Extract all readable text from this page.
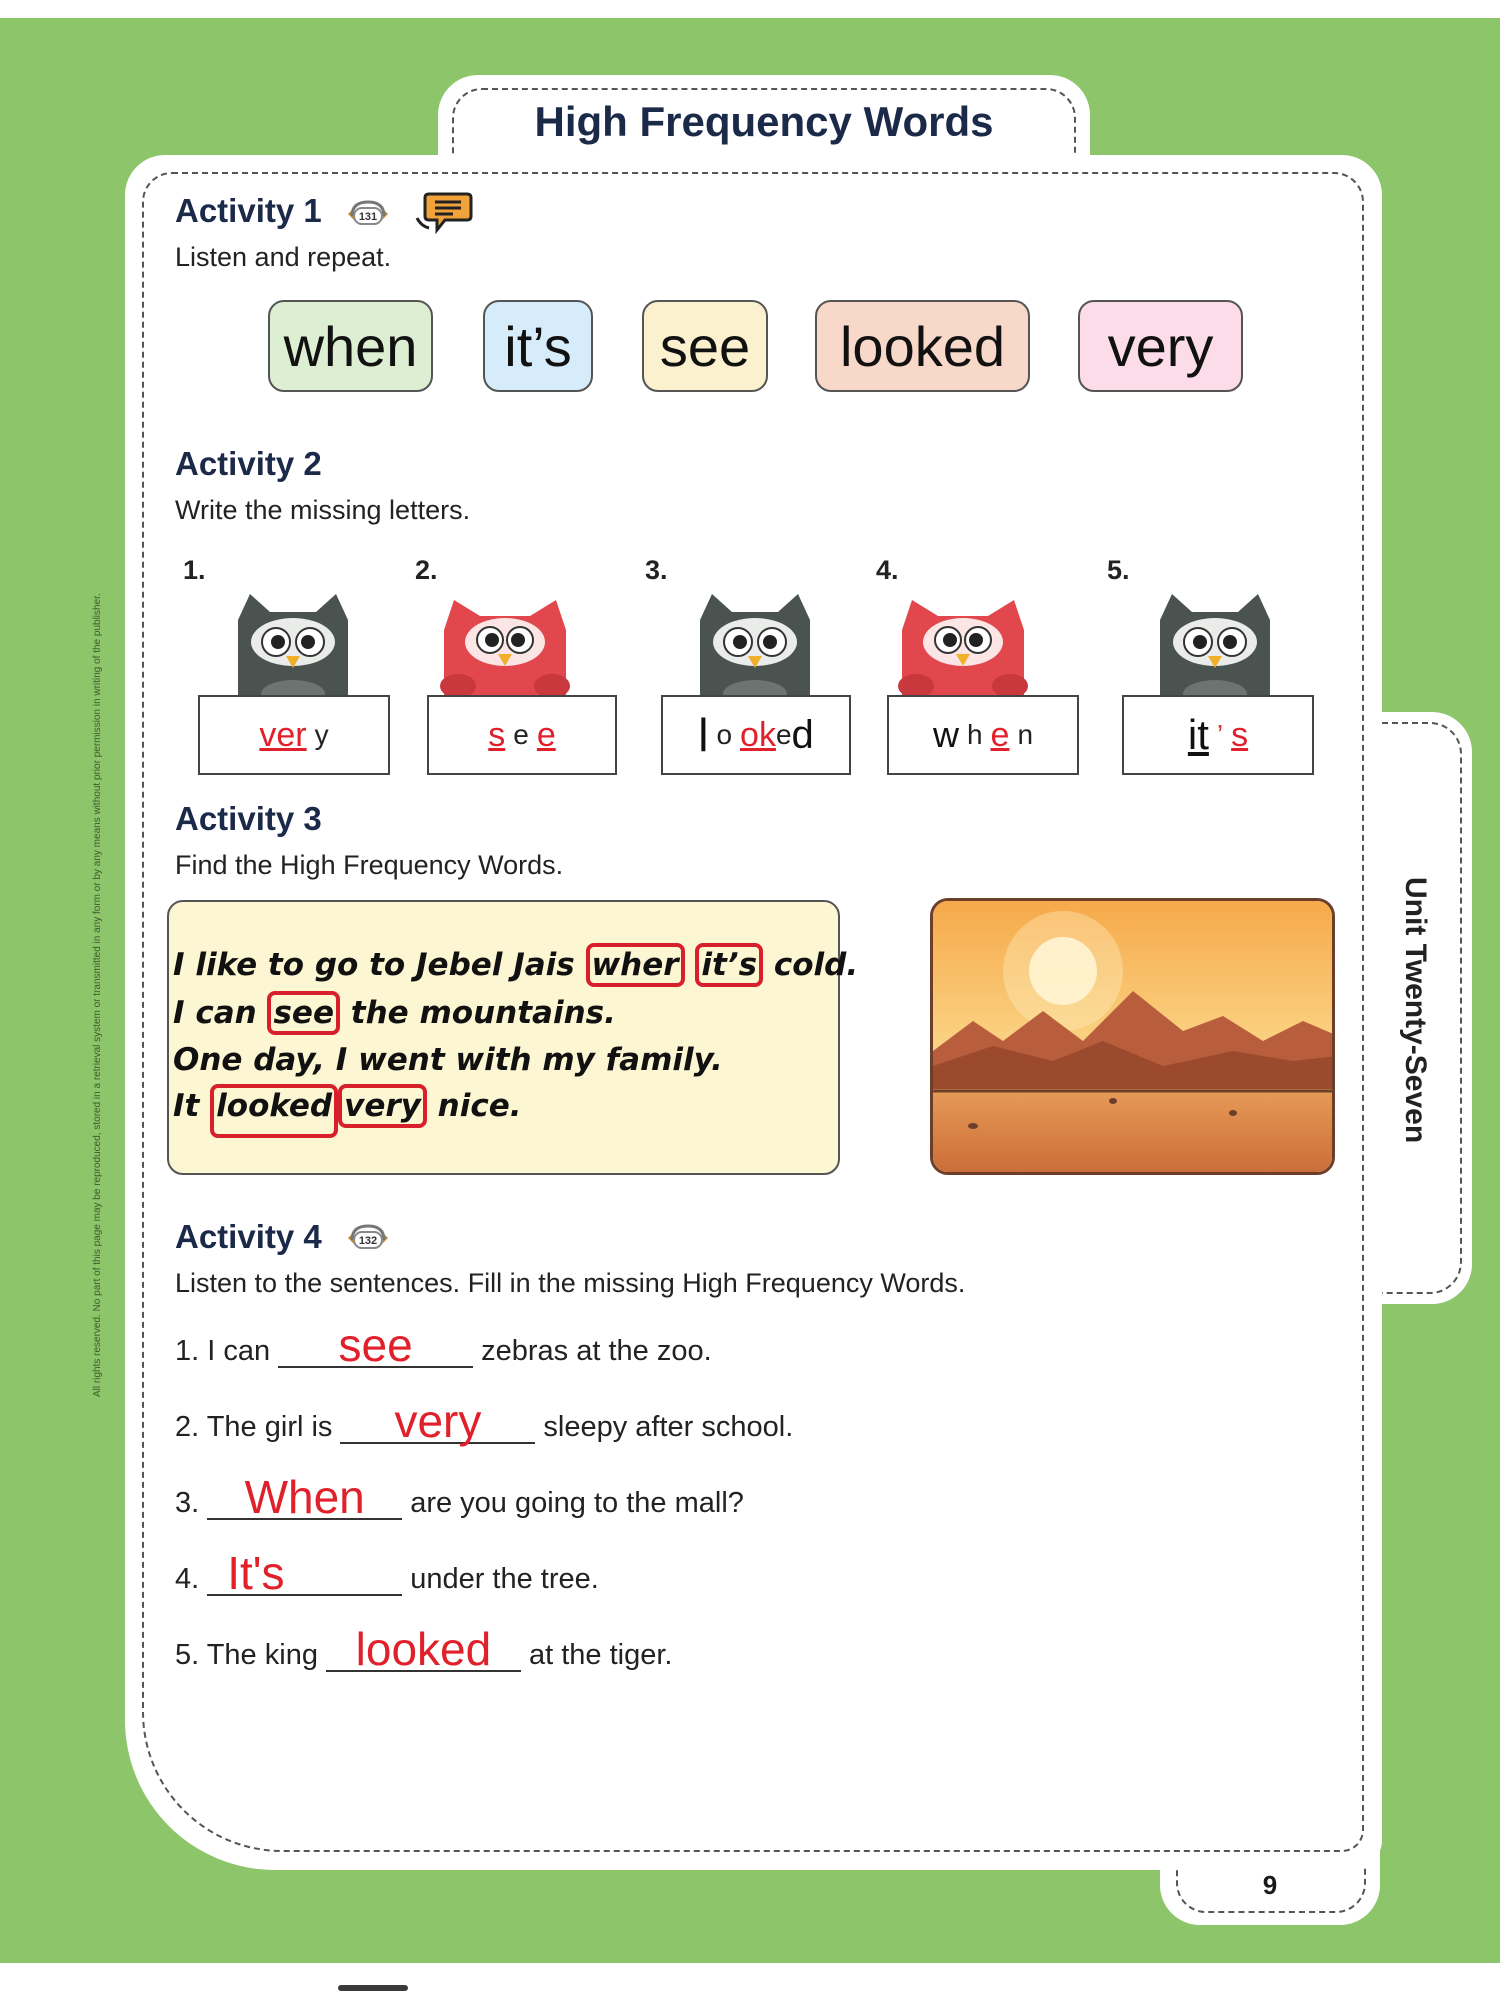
All rights reserved. No part of this page may be reproduced, stored in a retrieval system or transmitted in any form or by any means without prior permission in writing of the publisher.	Unit Twenty-Seven
9
High Frequency Words
Activity 1	131
Listen and repeat.
when	it’s	see	looked	very
Activity 2
Write the missing letters.
1.	2.	3.	4.	5.
ver y	s e e	l o ok e d	w h e n	it ’ s
Activity 3
Find the High Frequency Words.
I like to go to Jebel Jais wher it’s cold.
I can see the mountains.
One day, I went with my family.
It looked very nice.
Activity 4	132
Listen to the sentences. Fill in the missing High Frequency Words.
1. I can	see	zebras at the zoo.
2. The girl is	very	sleepy after school.
3. When	are you going to the mall?
4. It's	under the tree.
5. The king looked	at the tiger.
